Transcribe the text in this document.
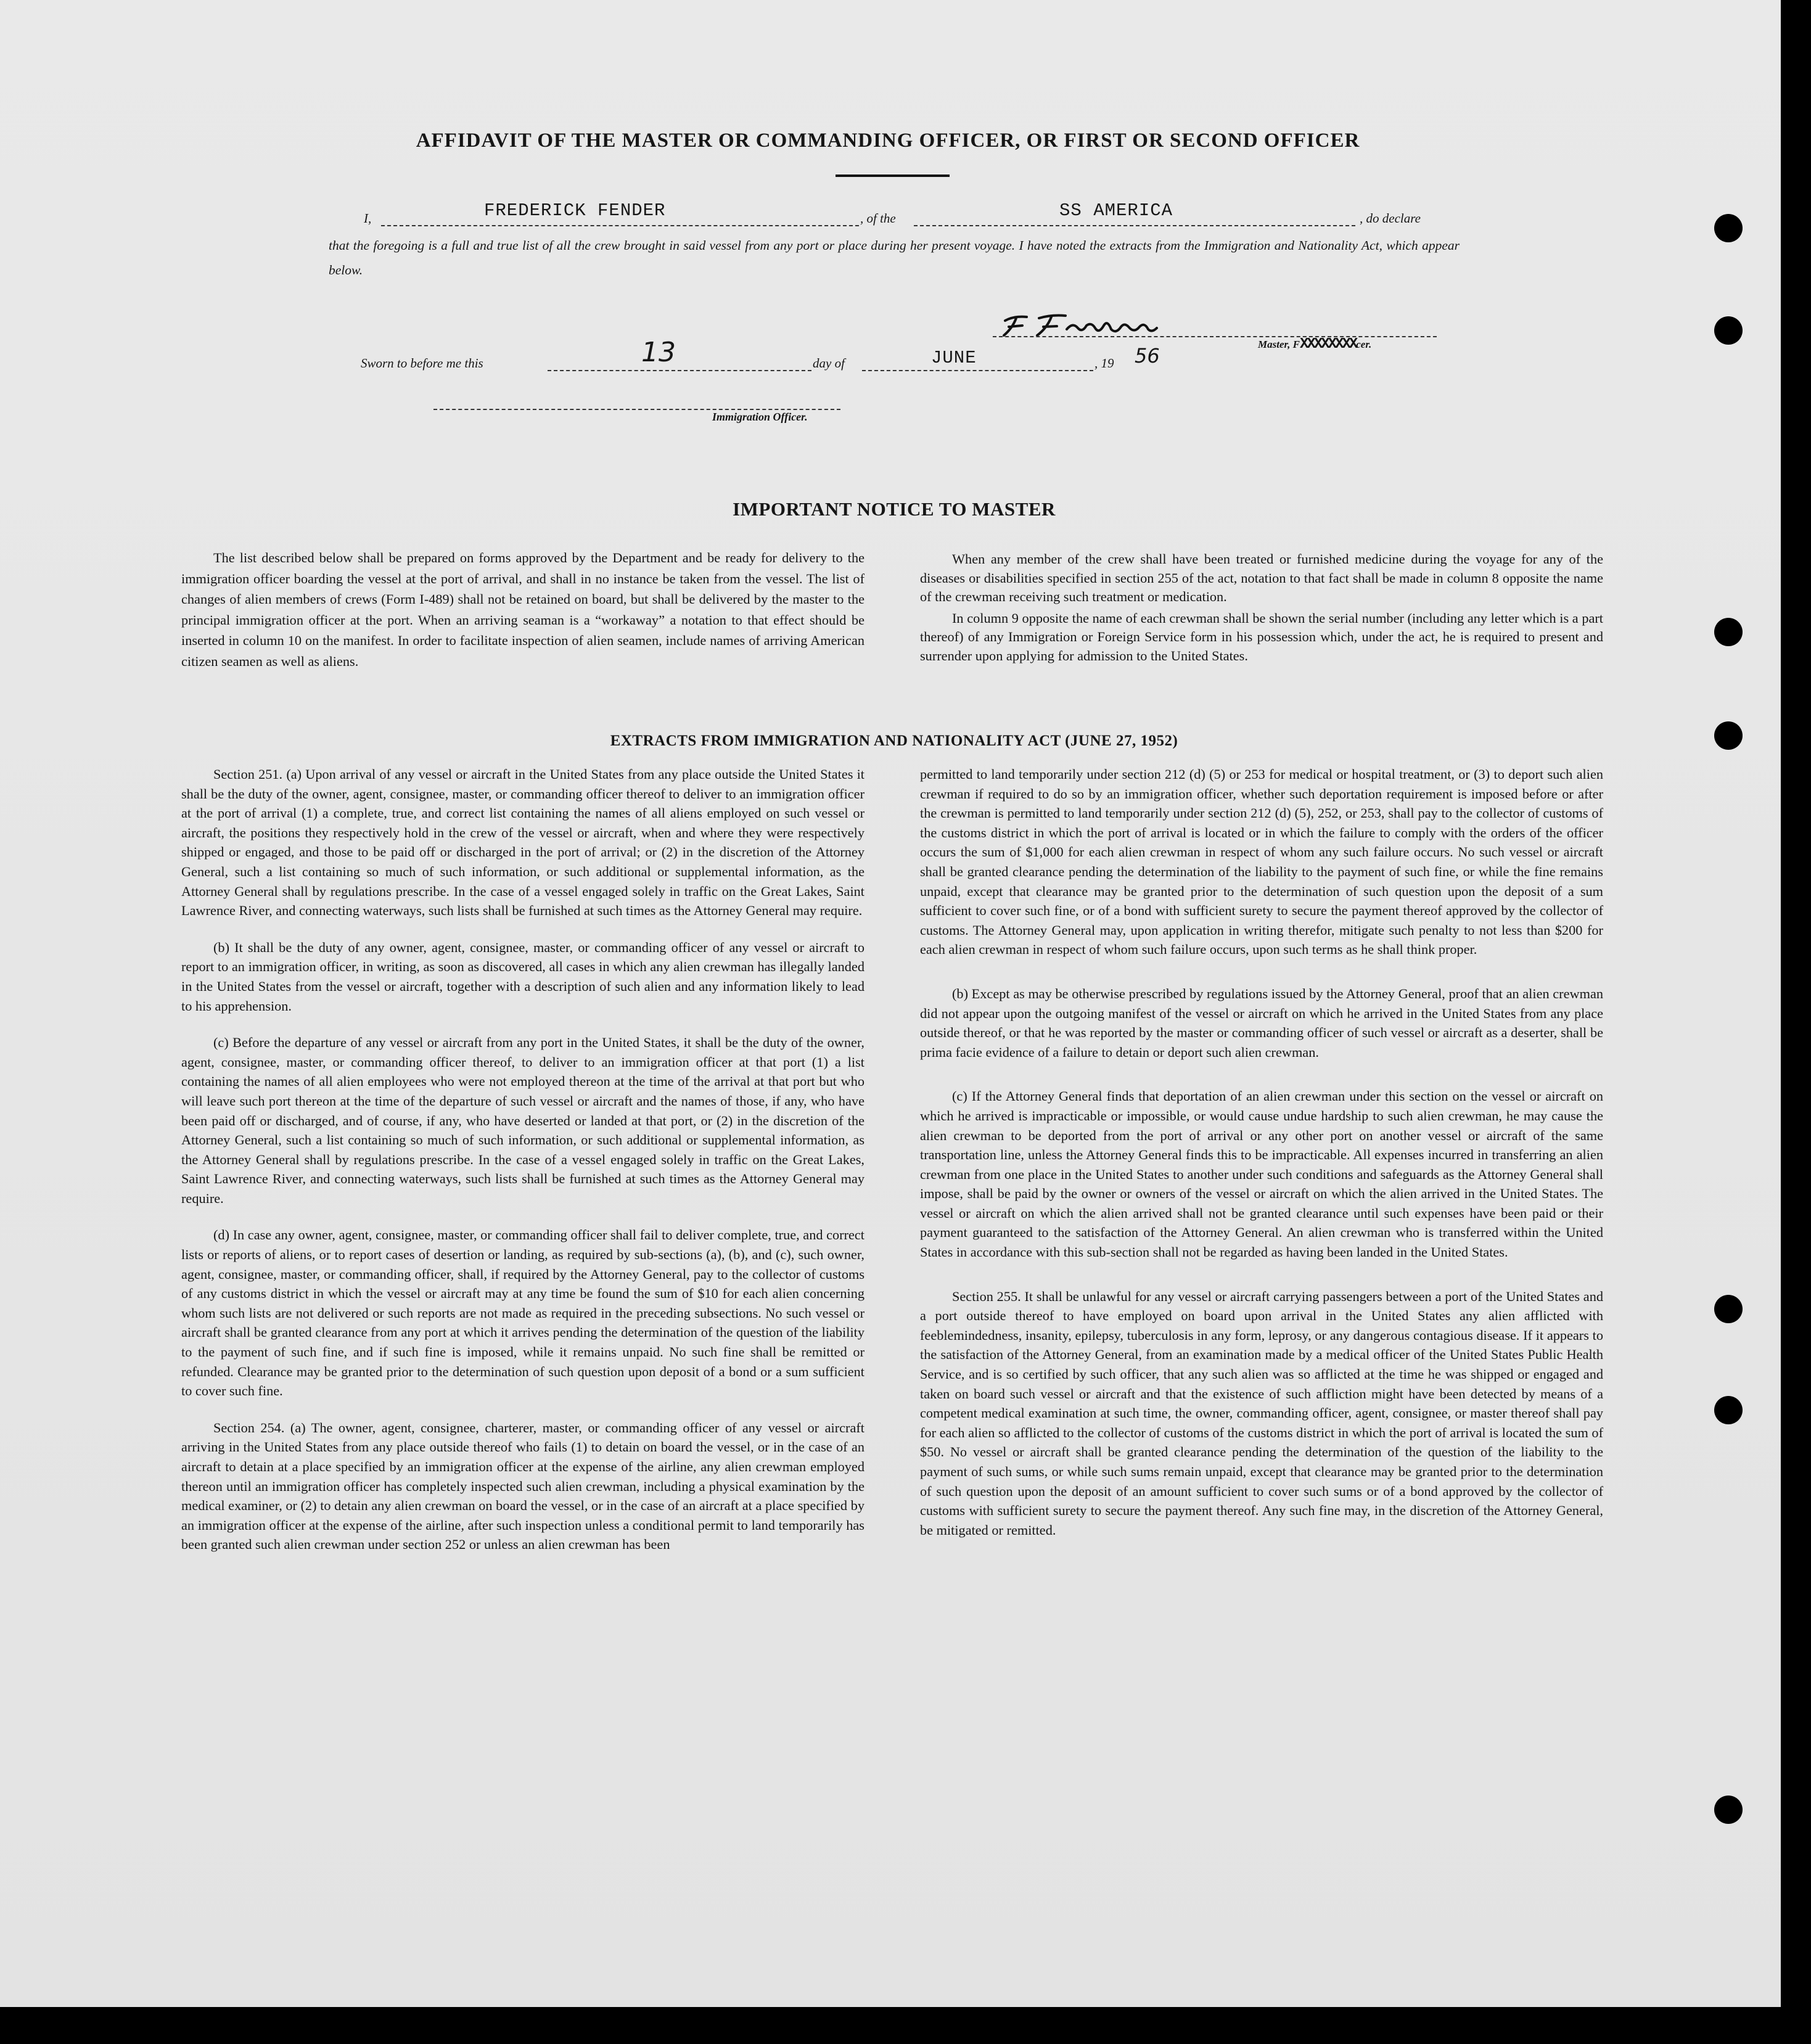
AFFIDAVIT OF THE MASTER OR COMMANDING OFFICER, OR FIRST OR SECOND OFFICER
I,	FREDERICK FENDER	, of the	SS AMERICA	, do declare
that the foregoing is a full and true list of all the crew brought in said vessel from any port or place during her present voyage. I have noted the extracts from the Immigration and Nationality Act, which appear below.
Master, FXXXXXXXXcer.
Sworn to before me this	13	day of	JUNE	, 19 56
Immigration Officer.
IMPORTANT NOTICE TO MASTER

The list described below shall be prepared on forms approved by the Department and be ready for delivery to the immigration officer boarding the vessel at the port of arrival, and shall in no instance be taken from the vessel. The list of changes of alien members of crews (Form I-489) shall not be retained on board, but shall be delivered by the master to the principal immigration officer at the port. When an arriving seaman is a “workaway” a notation to that effect should be inserted in column 10 on the manifest. In order to facilitate inspection of alien seamen, include names of arriving American citizen seamen as well as aliens.

When any member of the crew shall have been treated or furnished medicine during the voyage for any of the diseases or disabilities specified in section 255 of the act, notation to that fact shall be made in column 8 opposite the name of the crewman receiving such treatment or medication.

In column 9 opposite the name of each crewman shall be shown the serial number (including any letter which is a part thereof) of any Immigration or Foreign Service form in his possession which, under the act, he is required to present and surrender upon applying for admission to the United States.

EXTRACTS FROM IMMIGRATION AND NATIONALITY ACT (JUNE 27, 1952)

Section 251. (a) Upon arrival of any vessel or aircraft in the United States from any place outside the United States it shall be the duty of the owner, agent, consignee, master, or commanding officer thereof to deliver to an immigration officer at the port of arrival (1) a complete, true, and correct list containing the names of all aliens employed on such vessel or aircraft, the positions they respectively hold in the crew of the vessel or aircraft, when and where they were respectively shipped or engaged, and those to be paid off or discharged in the port of arrival; or (2) in the discretion of the Attorney General, such a list containing so much of such information, or such additional or supplemental information, as the Attorney General shall by regulations prescribe. In the case of a vessel engaged solely in traffic on the Great Lakes, Saint Lawrence River, and connecting waterways, such lists shall be furnished at such times as the Attorney General may require.

(b) It shall be the duty of any owner, agent, consignee, master, or commanding officer of any vessel or aircraft to report to an immigration officer, in writing, as soon as discovered, all cases in which any alien crewman has illegally landed in the United States from the vessel or aircraft, together with a description of such alien and any information likely to lead to his apprehension.

(c) Before the departure of any vessel or aircraft from any port in the United States, it shall be the duty of the owner, agent, consignee, master, or commanding officer thereof, to deliver to an immigration officer at that port (1) a list containing the names of all alien employees who were not employed thereon at the time of the arrival at that port but who will leave such port thereon at the time of the departure of such vessel or aircraft and the names of those, if any, who have been paid off or discharged, and of course, if any, who have deserted or landed at that port, or (2) in the discretion of the Attorney General, such a list containing so much of such information, or such additional or supplemental information, as the Attorney General shall by regulations prescribe. In the case of a vessel engaged solely in traffic on the Great Lakes, Saint Lawrence River, and connecting waterways, such lists shall be furnished at such times as the Attorney General may require.

(d) In case any owner, agent, consignee, master, or commanding officer shall fail to deliver complete, true, and correct lists or reports of aliens, or to report cases of desertion or landing, as required by sub-sections (a), (b), and (c), such owner, agent, consignee, master, or commanding officer, shall, if required by the Attorney General, pay to the collector of customs of any customs district in which the vessel or aircraft may at any time be found the sum of $10 for each alien concerning whom such lists are not delivered or such reports are not made as required in the preceding subsections. No such vessel or aircraft shall be granted clearance from any port at which it arrives pending the determination of the question of the liability to the payment of such fine, and if such fine is imposed, while it remains unpaid. No such fine shall be remitted or refunded. Clearance may be granted prior to the determination of such question upon deposit of a bond or a sum sufficient to cover such fine.

Section 254. (a) The owner, agent, consignee, charterer, master, or commanding officer of any vessel or aircraft arriving in the United States from any place outside thereof who fails (1) to detain on board the vessel, or in the case of an aircraft to detain at a place specified by an immigration officer at the expense of the airline, any alien crewman employed thereon until an immigration officer has completely inspected such alien crewman, including a physical examination by the medical examiner, or (2) to detain any alien crewman on board the vessel, or in the case of an aircraft at a place specified by an immigration officer at the expense of the airline, after such inspection unless a conditional permit to land temporarily has been granted such alien crewman under section 252 or unless an alien crewman has been

permitted to land temporarily under section 212 (d) (5) or 253 for medical or hospital treatment, or (3) to deport such alien crewman if required to do so by an immigration officer, whether such deportation requirement is imposed before or after the crewman is permitted to land temporarily under section 212 (d) (5), 252, or 253, shall pay to the collector of customs of the customs district in which the port of arrival is located or in which the failure to comply with the orders of the officer occurs the sum of $1,000 for each alien crewman in respect of whom any such failure occurs. No such vessel or aircraft shall be granted clearance pending the determination of the liability to the payment of such fine, or while the fine remains unpaid, except that clearance may be granted prior to the determination of such question upon the deposit of a sum sufficient to cover such fine, or of a bond with sufficient surety to secure the payment thereof approved by the collector of customs. The Attorney General may, upon application in writing therefor, mitigate such penalty to not less than $200 for each alien crewman in respect of whom such failure occurs, upon such terms as he shall think proper.

(b) Except as may be otherwise prescribed by regulations issued by the Attorney General, proof that an alien crewman did not appear upon the outgoing manifest of the vessel or aircraft on which he arrived in the United States from any place outside thereof, or that he was reported by the master or commanding officer of such vessel or aircraft as a deserter, shall be prima facie evidence of a failure to detain or deport such alien crewman.

(c) If the Attorney General finds that deportation of an alien crewman under this section on the vessel or aircraft on which he arrived is impracticable or impossible, or would cause undue hardship to such alien crewman, he may cause the alien crewman to be deported from the port of arrival or any other port on another vessel or aircraft of the same transportation line, unless the Attorney General finds this to be impracticable. All expenses incurred in transferring an alien crewman from one place in the United States to another under such conditions and safeguards as the Attorney General shall impose, shall be paid by the owner or owners of the vessel or aircraft on which the alien arrived in the United States. The vessel or aircraft on which the alien arrived shall not be granted clearance until such expenses have been paid or their payment guaranteed to the satisfaction of the Attorney General. An alien crewman who is transferred within the United States in accordance with this sub-section shall not be regarded as having been landed in the United States.

Section 255. It shall be unlawful for any vessel or aircraft carrying passengers between a port of the United States and a port outside thereof to have employed on board upon arrival in the United States any alien afflicted with feeblemindedness, insanity, epilepsy, tuberculosis in any form, leprosy, or any dangerous contagious disease. If it appears to the satisfaction of the Attorney General, from an examination made by a medical officer of the United States Public Health Service, and is so certified by such officer, that any such alien was so afflicted at the time he was shipped or engaged and taken on board such vessel or aircraft and that the existence of such affliction might have been detected by means of a competent medical examination at such time, the owner, commanding officer, agent, consignee, or master thereof shall pay for each alien so afflicted to the collector of customs of the customs district in which the port of arrival is located the sum of $50. No vessel or aircraft shall be granted clearance pending the determination of the question of the liability to the payment of such sums, or while such sums remain unpaid, except that clearance may be granted prior to the determination of such question upon the deposit of an amount sufficient to cover such sums or of a bond approved by the collector of customs with sufficient surety to secure the payment thereof. Any such fine may, in the discretion of the Attorney General, be mitigated or remitted.
